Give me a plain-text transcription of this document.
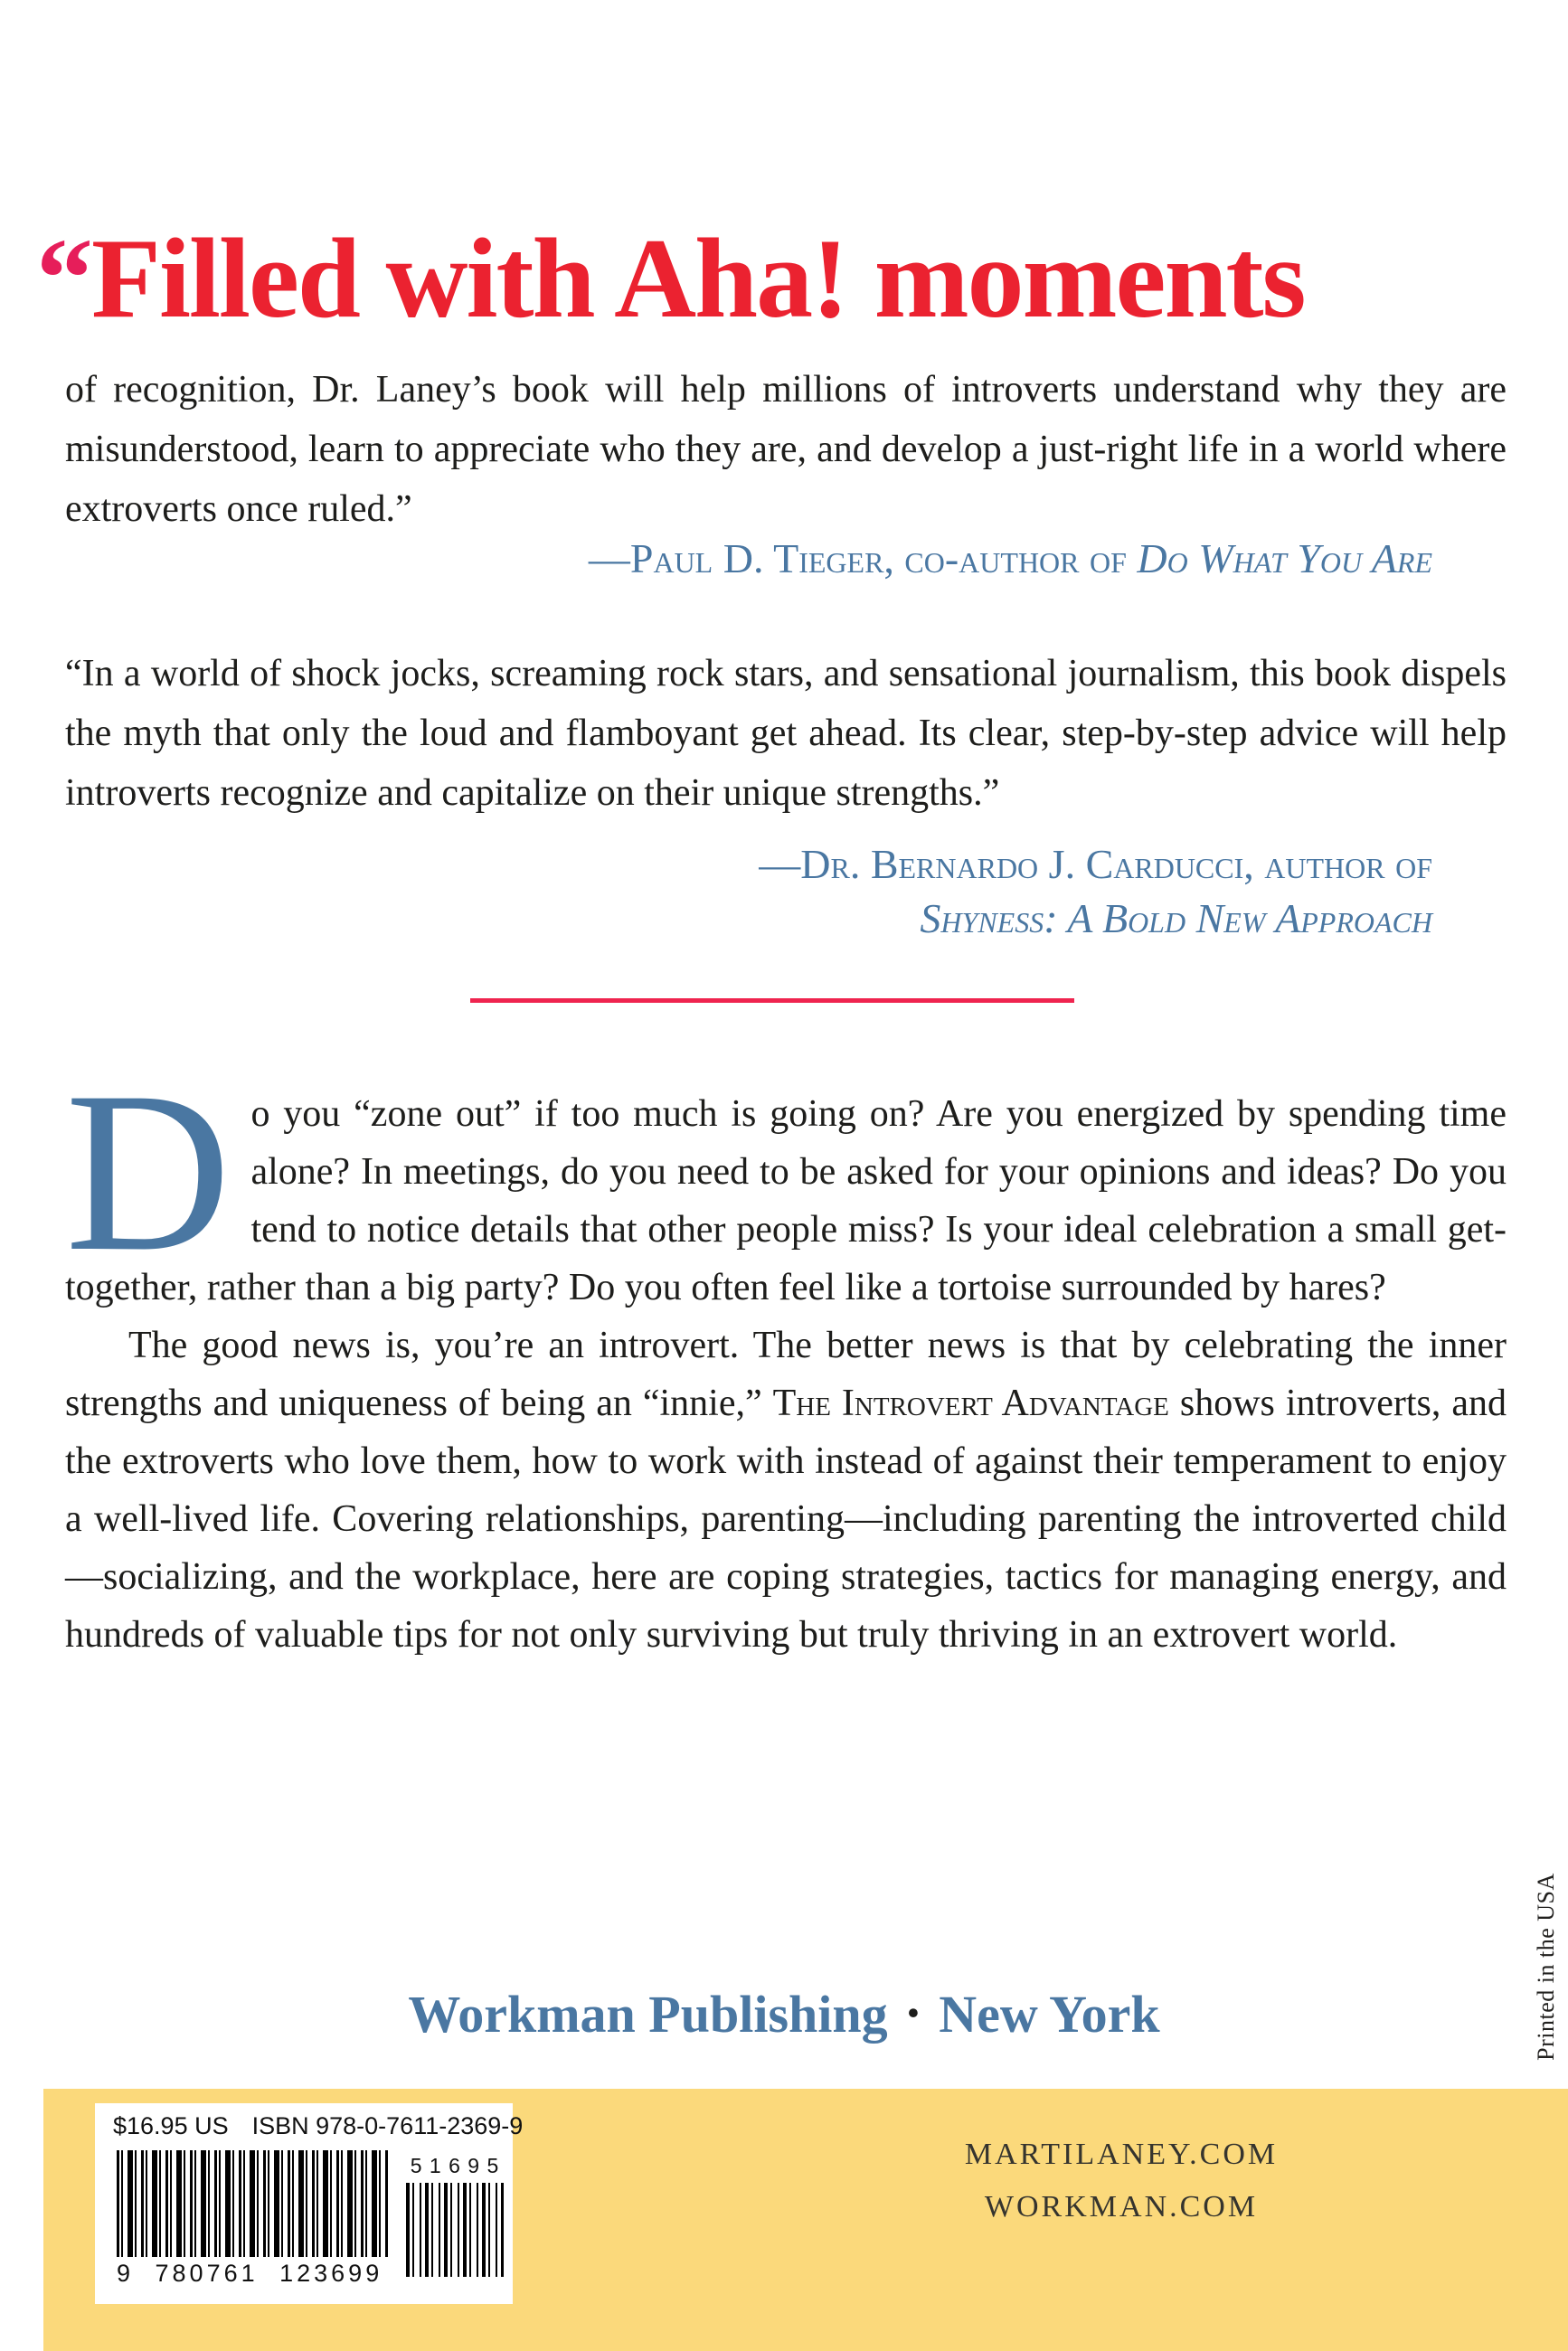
“Filled with Aha! moments
of recognition, Dr. Laney’s book will help millions of introverts understand why they are misunderstood, learn to appreciate who they are, and develop a just-right life in a world where extroverts once ruled.”
—Paul D. Tieger, co-author of Do What You Are
“In a world of shock jocks, screaming rock stars, and sensational journalism, this book dispels the myth that only the loud and flamboyant get ahead. Its clear, step-by-step advice will help introverts recognize and capitalize on their unique strengths.”
—Dr. Bernardo J. Carducci, author of
Shyness: A Bold New Approach
Do you “zone out” if too much is going on? Are you energized by spending time alone? In meetings, do you need to be asked for your opinions and ideas? Do you tend to notice details that other people miss? Is your ideal celebration a small get-together, rather than a big party? Do you often feel like a tortoise surrounded by hares?
The good news is, you’re an introvert. The better news is that by celebrating the inner strengths and uniqueness of being an “innie,” The Introvert Advantage shows introverts, and the extroverts who love them, how to work with instead of against their temperament to enjoy a well-lived life. Covering relationships, parenting—including parenting the introverted child—socializing, and the workplace, here are coping strategies, tactics for managing energy, and hundreds of valuable tips for not only surviving but truly thriving in an extrovert world.
Workman Publishing • New York	Printed in the USA
$16.95 US ISBN 978-0-7611-2369-9
9 780761 123699
5 1 6 9 5	MARTILANEY.COM
WORKMAN.COM
